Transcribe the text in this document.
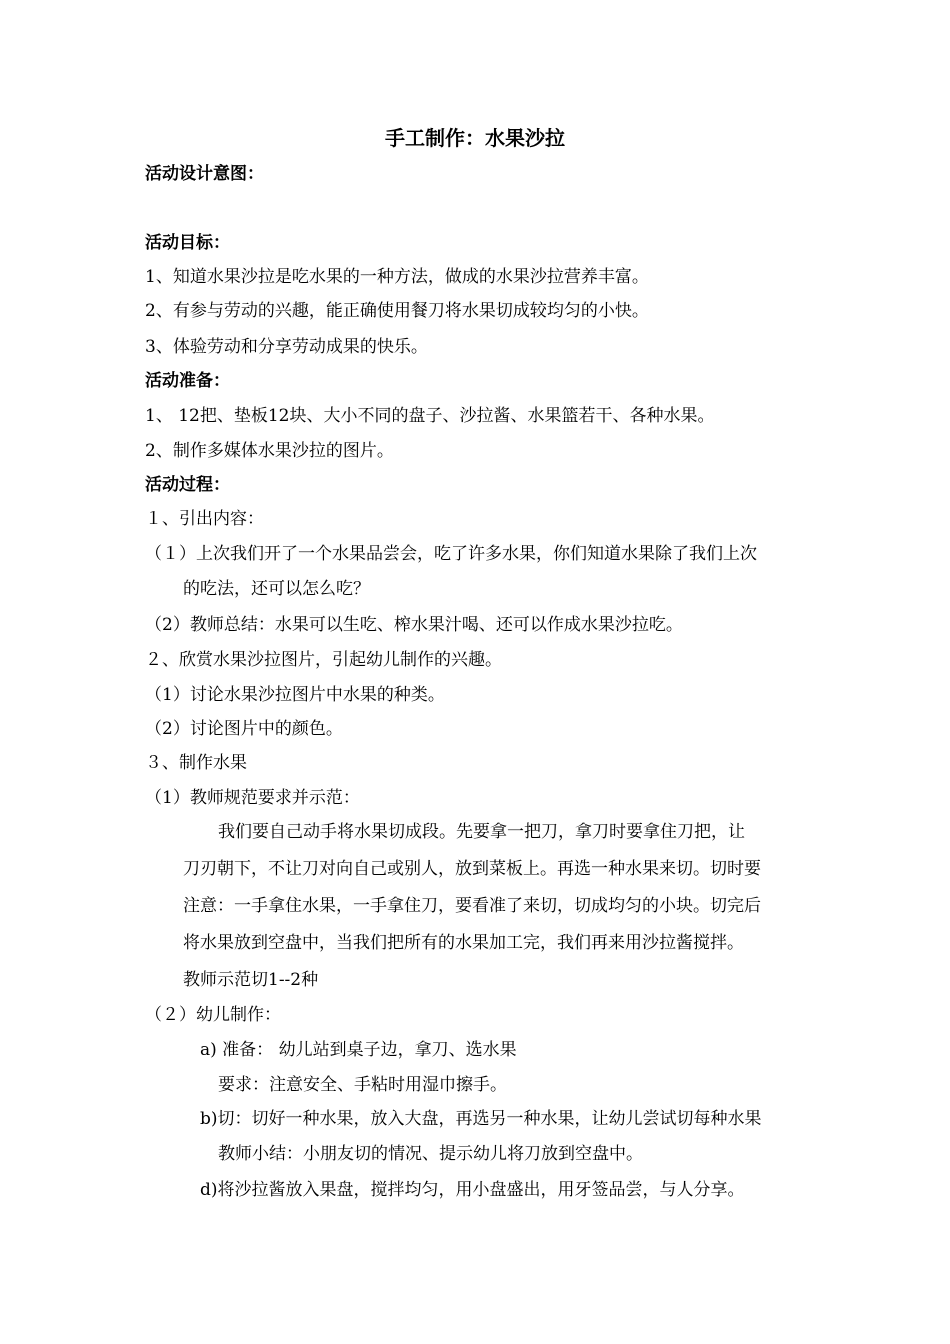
手工制作：水果沙拉
活动设计意图：
活动目标：
1、知道水果沙拉是吃水果的一种方法，做成的水果沙拉营养丰富。
2、有参与劳动的兴趣，能正确使用餐刀将水果切成较均匀的小快。
3、体验劳动和分享劳动成果的快乐。
活动准备：
1、 12把、垫板12块、大小不同的盘子、沙拉酱、水果篮若干、各种水果。
2、制作多媒体水果沙拉的图片。
活动过程：
１、引出内容：
（１）上次我们开了一个水果品尝会，吃了许多水果，你们知道水果除了我们上次
的吃法，还可以怎么吃？
（2）教师总结：水果可以生吃、榨水果汁喝、还可以作成水果沙拉吃。
２、欣赏水果沙拉图片，引起幼儿制作的兴趣。
（1）讨论水果沙拉图片中水果的种类。
（2）讨论图片中的颜色。
３、制作水果
（1）教师规范要求并示范：
我们要自己动手将水果切成段。先要拿一把刀，拿刀时要拿住刀把，让
刀刃朝下，不让刀对向自己或别人，放到菜板上。再选一种水果来切。切时要
注意：一手拿住水果，一手拿住刀，要看准了来切，切成均匀的小块。切完后
将水果放到空盘中，当我们把所有的水果加工完，我们再来用沙拉酱搅拌。
教师示范切1--2种
（２）幼儿制作：
a) 准备： 幼儿站到桌子边，拿刀、选水果
要求：注意安全、手粘时用湿巾擦手。
b)切：切好一种水果，放入大盘，再选另一种水果，让幼儿尝试切每种水果
教师小结：小朋友切的情况、提示幼儿将刀放到空盘中。
d)将沙拉酱放入果盘，搅拌均匀，用小盘盛出，用牙签品尝，与人分享。
